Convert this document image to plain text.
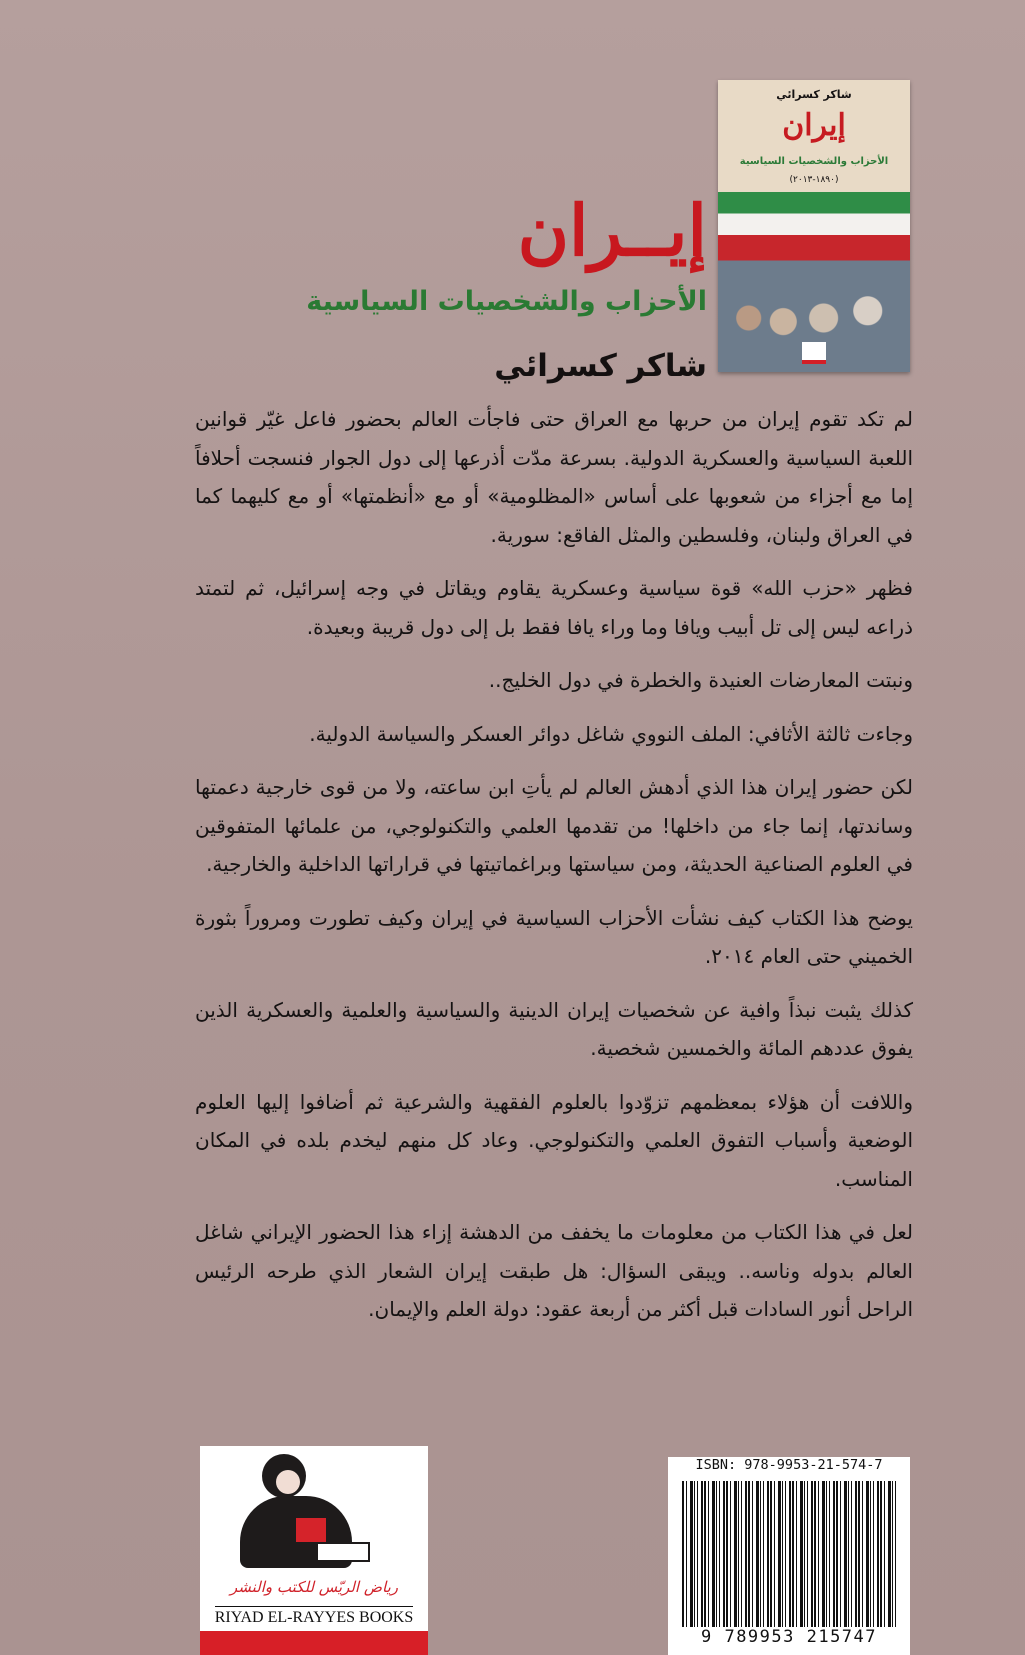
شاكر كسرائي
إيران
الأحزاب والشخصيات السياسية
(١٨٩٠-٢٠١٣)
إيــران
الأحزاب والشخصيات السياسية
شاكر كسرائي

لم تكد تقوم إيران من حربها مع العراق حتى فاجأت العالم بحضور فاعل غيّر قوانين اللعبة السياسية والعسكرية الدولية. بسرعة مدّت أذرعها إلى دول الجوار فنسجت أحلافاً إما مع أجزاء من شعوبها على أساس «المظلومية» أو مع «أنظمتها» أو مع كليهما كما في العراق ولبنان، وفلسطين والمثل الفاقع: سورية.

فظهر «حزب الله» قوة سياسية وعسكرية يقاوم ويقاتل في وجه إسرائيل، ثم لتمتد ذراعه ليس إلى تل أبيب ويافا وما وراء يافا فقط بل إلى دول قريبة وبعيدة.

ونبتت المعارضات العنيدة والخطرة في دول الخليج..

وجاءت ثالثة الأثافي: الملف النووي شاغل دوائر العسكر والسياسة الدولية.

لكن حضور إيران هذا الذي أدهش العالم لم يأتِ ابن ساعته، ولا من قوى خارجية دعمتها وساندتها، إنما جاء من داخلها! من تقدمها العلمي والتكنولوجي، من علمائها المتفوقين في العلوم الصناعية الحديثة، ومن سياستها وبراغماتيتها في قراراتها الداخلية والخارجية.

يوضح هذا الكتاب كيف نشأت الأحزاب السياسية في إيران وكيف تطورت ومروراً بثورة الخميني حتى العام ٢٠١٤.

كذلك يثبت نبذاً وافية عن شخصيات إيران الدينية والسياسية والعلمية والعسكرية الذين يفوق عددهم المائة والخمسين شخصية.

واللافت أن هؤلاء بمعظمهم تزوّدوا بالعلوم الفقهية والشرعية ثم أضافوا إليها العلوم الوضعية وأسباب التفوق العلمي والتكنولوجي. وعاد كل منهم ليخدم بلده في المكان المناسب.

لعل في هذا الكتاب من معلومات ما يخفف من الدهشة إزاء هذا الحضور الإيراني شاغل العالم بدوله وناسه.. ويبقى السؤال: هل طبقت إيران الشعار الذي طرحه الرئيس الراحل أنور السادات قبل أكثر من أربعة عقود: دولة العلم والإيمان.

رياض الريّس للكتب والنشر
RIYAD EL-RAYYES BOOKS
ISBN: 978-9953-21-574-7
9 789953 215747
